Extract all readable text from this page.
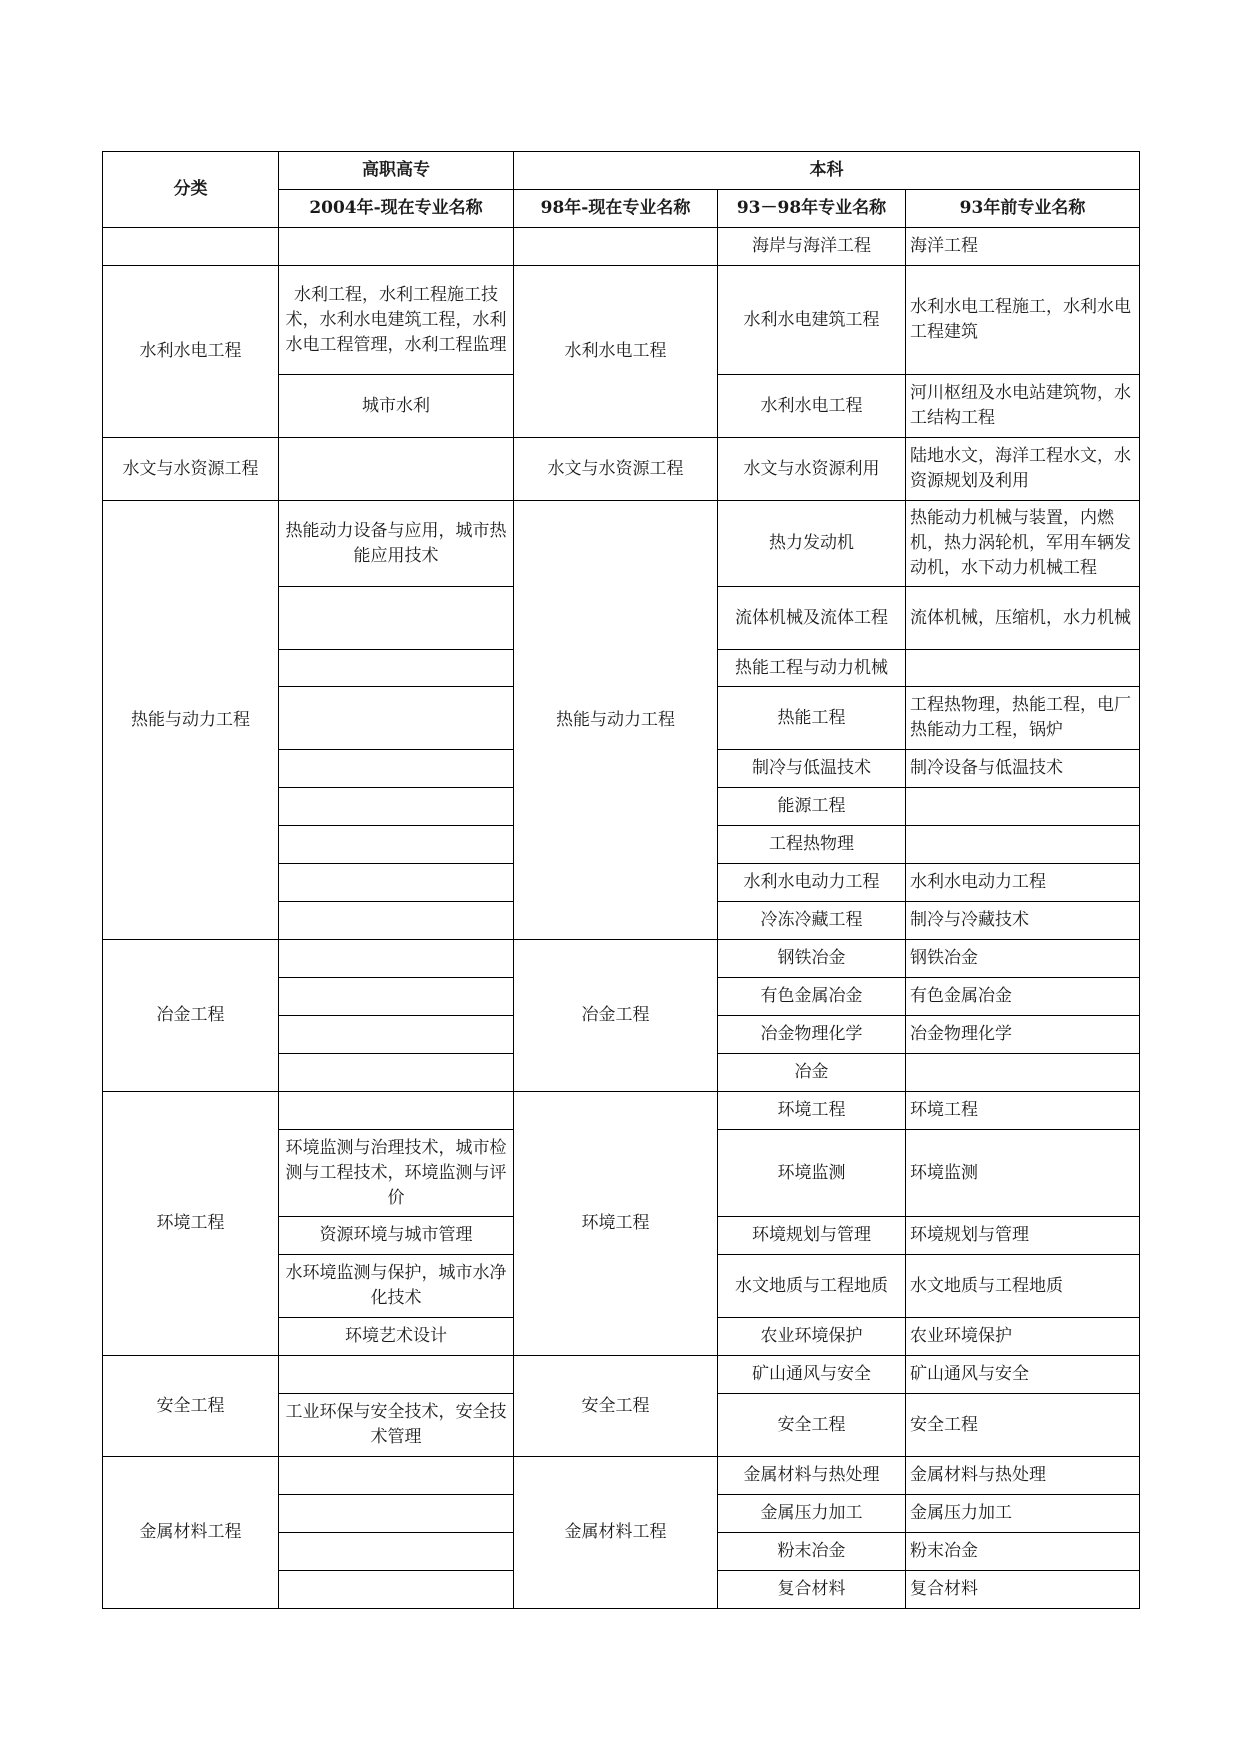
分类	高职高专	本科		
	2004年-现在专业名称	98年-现在专业名称	93－98年专业名称	93年前专业名称
			海岸与海洋工程	海洋工程
水利水电工程	水利工程，水利工程施工技术，水利水电建筑工程，水利水电工程管理，水利工程监理	水利水电工程	水利水电建筑工程	水利水电工程施工，水利水电工程建筑
	城市水利		水利水电工程	河川枢纽及水电站建筑物，水工结构工程
水文与水资源工程		水文与水资源工程	水文与水资源利用	陆地水文，海洋工程水文，水资源规划及利用
热能与动力工程	热能动力设备与应用，城市热能应用技术	热能与动力工程	热力发动机	热能动力机械与装置，内燃机，热力涡轮机，军用车辆发动机，水下动力机械工程
			流体机械及流体工程	流体机械，压缩机，水力机械
			热能工程与动力机械	
			热能工程	工程热物理，热能工程，电厂热能动力工程，锅炉
			制冷与低温技术	制冷设备与低温技术
			能源工程	
			工程热物理	
			水利水电动力工程	水利水电动力工程
			冷冻冷藏工程	制冷与冷藏技术
冶金工程		冶金工程	钢铁冶金	钢铁冶金
			有色金属冶金	有色金属冶金
			冶金物理化学	冶金物理化学
			冶金	
环境工程		环境工程	环境工程	环境工程
	环境监测与治理技术，城市检测与工程技术，环境监测与评价		环境监测	环境监测
	资源环境与城市管理		环境规划与管理	环境规划与管理
	水环境监测与保护，城市水净化技术		水文地质与工程地质	水文地质与工程地质
	环境艺术设计		农业环境保护	农业环境保护
安全工程		安全工程	矿山通风与安全	矿山通风与安全
	工业环保与安全技术，安全技术管理		安全工程	安全工程
金属材料工程		金属材料工程	金属材料与热处理	金属材料与热处理
			金属压力加工	金属压力加工
			粉末冶金	粉末冶金
			复合材料	复合材料
